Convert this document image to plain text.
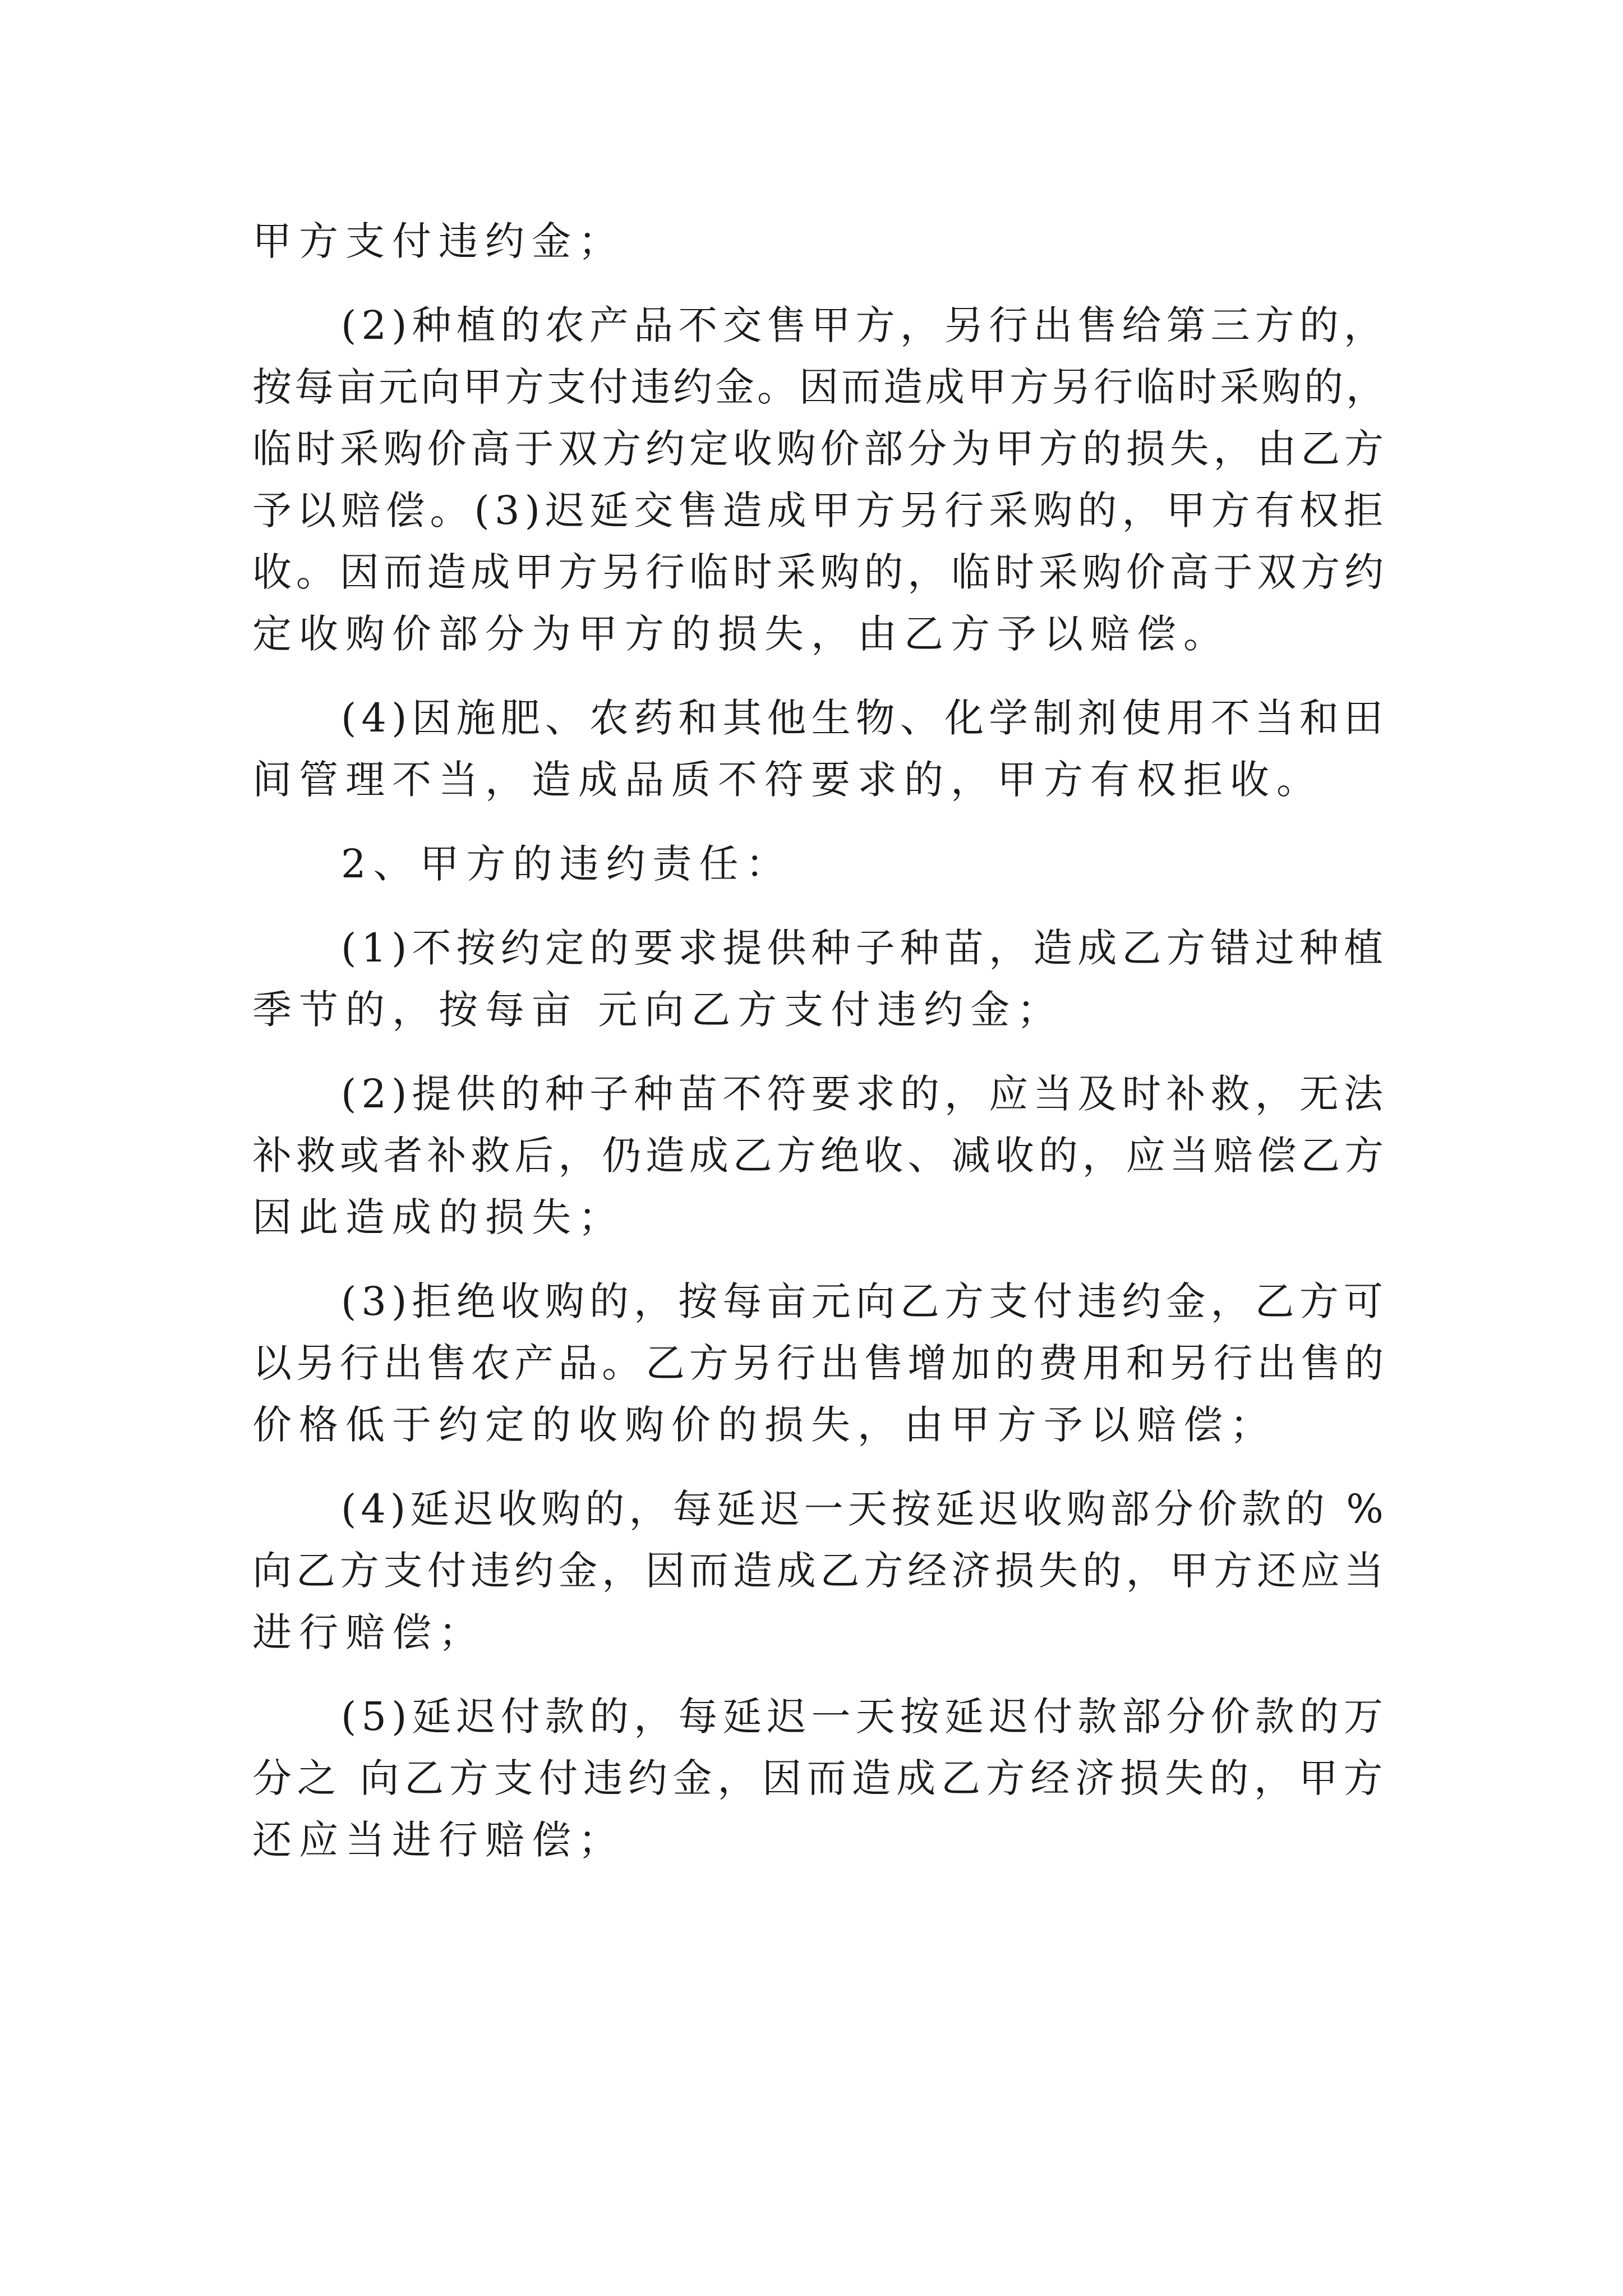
甲方支付违约金；
(2)种植的农产品不交售甲方，另行出售给第三方的，
按每亩元向甲方支付违约金。因而造成甲方另行临时采购的，
临时采购价高于双方约定收购价部分为甲方的损失，由乙方
予以赔偿。(3)迟延交售造成甲方另行采购的，甲方有权拒
收。因而造成甲方另行临时采购的，临时采购价高于双方约
定收购价部分为甲方的损失，由乙方予以赔偿。
(4)因施肥、农药和其他生物、化学制剂使用不当和田
间管理不当，造成品质不符要求的，甲方有权拒收。
2、甲方的违约责任：
(1)不按约定的要求提供种子种苗，造成乙方错过种植
季节的，按每亩 元向乙方支付违约金；
(2)提供的种子种苗不符要求的，应当及时补救，无法
补救或者补救后，仍造成乙方绝收、减收的，应当赔偿乙方
因此造成的损失；
(3)拒绝收购的，按每亩元向乙方支付违约金，乙方可
以另行出售农产品。乙方另行出售增加的费用和另行出售的
价格低于约定的收购价的损失，由甲方予以赔偿；
(4)延迟收购的，每延迟一天按延迟收购部分价款的 %
向乙方支付违约金，因而造成乙方经济损失的，甲方还应当
进行赔偿；
(5)延迟付款的，每延迟一天按延迟付款部分价款的万
分之 向乙方支付违约金，因而造成乙方经济损失的，甲方
还应当进行赔偿；
